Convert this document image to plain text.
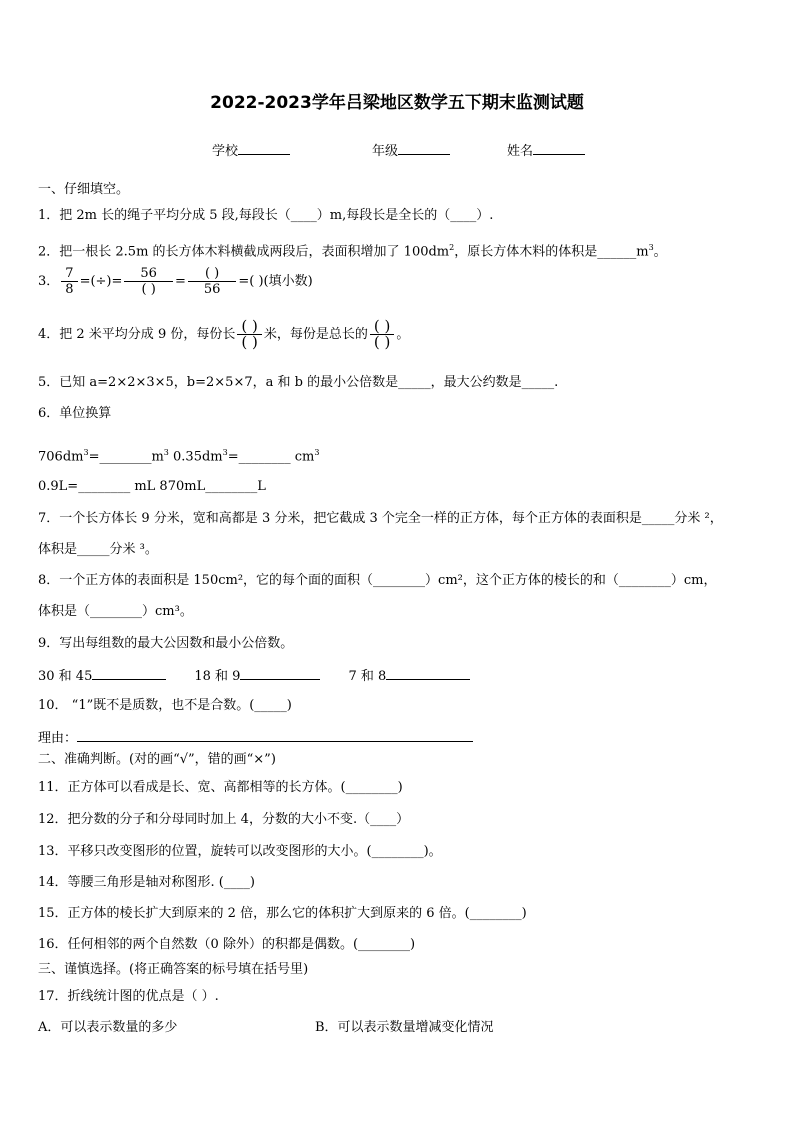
2022-2023学年吕梁地区数学五下期末监测试题
学校	年级	姓名
一、仔细填空。
1．把 2m 长的绳子平均分成 5 段,每段长（____）m,每段长是全长的（____）.
2．把一根长 2.5m 的长方体木料横截成两段后，表面积增加了 $100dm^2$，原长方体木料的体积是$\_\_\_\_\_\_m^3$。
3． $\frac{7}{8}$ =(÷)= $\frac{56}{( )} = \frac{( )}{56}$ =( )(填小数)
4．把 2 米平均分成 9 份，每份长 $\frac{( )}{( )}$ 米，每份是总长的 $\frac{( )}{( )}$ 。
5．已知 a=2×2×3×5，b=2×5×7，a 和 b 的最小公倍数是_____，最大公约数是_____.
6．单位换算
$706dm^3=\_\_\_\_\_\_\_\_m^3$ $0.35dm^3=\_\_\_\_\_\_\_\_$ $cm^3$
0.9L=________ mL 870mL________L
7．一个长方体长 9 分米，宽和高都是 3 分米，把它截成 3 个完全一样的正方体，每个正方体的表面积是_____分米 ²，
体积是_____分米 ³。
8．一个正方体的表面积是 150cm²，它的每个面的面积（________）cm²，这个正方体的棱长的和（________）cm，
体积是（________）cm³。
9．写出每组数的最大公因数和最小公倍数。
30 和 45	18 和 9	7 和 8
10． “1”既不是质数，也不是合数。(_____)
理由：
二、准确判断。(对的画“√”，错的画“×”)
11．正方体可以看成是长、宽、高都相等的长方体。(________)
12．把分数的分子和分母同时加上 4，分数的大小不变.（____）
13．平移只改变图形的位置，旋转可以改变图形的大小。(________)。
14．等腰三角形是轴对称图形. (____)
15．正方体的棱长扩大到原来的 2 倍，那么它的体积扩大到原来的 6 倍。(________)
16．任何相邻的两个自然数（0 除外）的积都是偶数。(________)
三、谨慎选择。(将正确答案的标号填在括号里)
17．折线统计图的优点是（ ）.
A．可以表示数量的多少	B．可以表示数量增减变化情况
